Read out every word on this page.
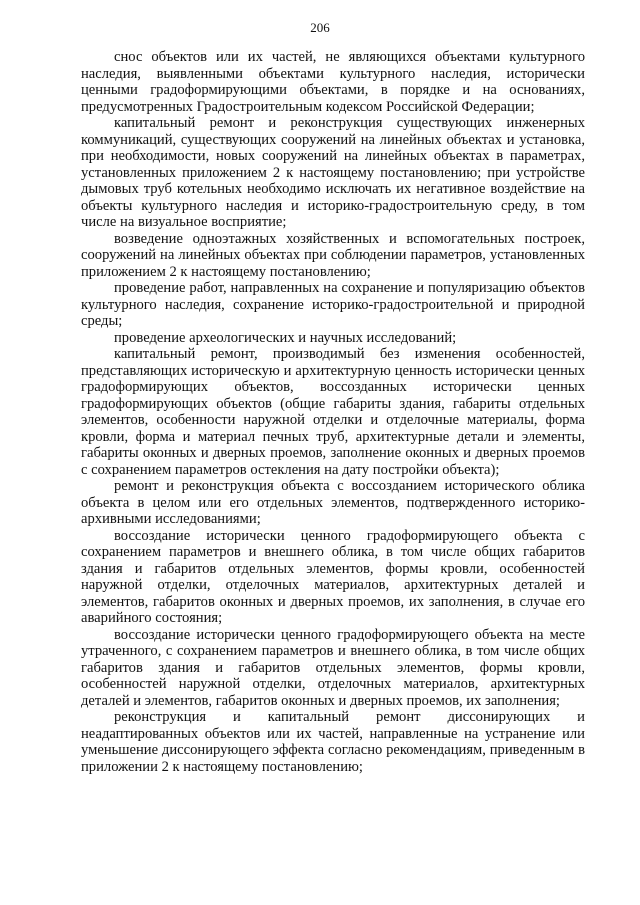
206

снос объектов или их частей, не являющихся объектами культурного наследия, выявленными объектами культурного наследия, исторически ценными градоформирующими объектами, в порядке и на основаниях, предусмотренных Градостроительным кодексом Российской Федерации;

капитальный ремонт и реконструкция существующих инженерных коммуникаций, существующих сооружений на линейных объектах и установка, при необходимости, новых сооружений на линейных объектах в параметрах, установленных приложением 2 к настоящему постановлению; при устройстве дымовых труб котельных необходимо исключать их негативное воздействие на объекты культурного наследия и историко-градостроительную среду, в том числе на визуальное восприятие;

возведение одноэтажных хозяйственных и вспомогательных построек, сооружений на линейных объектах при соблюдении параметров, установленных приложением 2 к настоящему постановлению;

проведение работ, направленных на сохранение и популяризацию объектов культурного наследия, сохранение историко-градостроительной и природной среды;

проведение археологических и научных исследований;

капитальный ремонт, производимый без изменения особенностей, представляющих историческую и архитектурную ценность исторически ценных градоформирующих объектов, воссозданных исторически ценных градоформирующих объектов (общие габариты здания, габариты отдельных элементов, особенности наружной отделки и отделочные материалы, форма кровли, форма и материал печных труб, архитектурные детали и элементы, габариты оконных и дверных проемов, заполнение оконных и дверных проемов с сохранением параметров остекления на дату постройки объекта);

ремонт и реконструкция объекта с воссозданием исторического облика объекта в целом или его отдельных элементов, подтвержденного историко-архивными исследованиями;

воссоздание исторически ценного градоформирующего объекта с сохранением параметров и внешнего облика, в том числе общих габаритов здания и габаритов отдельных элементов, формы кровли, особенностей наружной отделки, отделочных материалов, архитектурных деталей и элементов, габаритов оконных и дверных проемов, их заполнения, в случае его аварийного состояния;

воссоздание исторически ценного градоформирующего объекта на месте утраченного, с сохранением параметров и внешнего облика, в том числе общих габаритов здания и габаритов отдельных элементов, формы кровли, особенностей наружной отделки, отделочных материалов, архитектурных деталей и элементов, габаритов оконных и дверных проемов, их заполнения;

реконструкция и капитальный ремонт диссонирующих и неадаптированных объектов или их частей, направленные на устранение или уменьшение диссонирующего эффекта согласно рекомендациям, приведенным в приложении 2 к настоящему постановлению;
